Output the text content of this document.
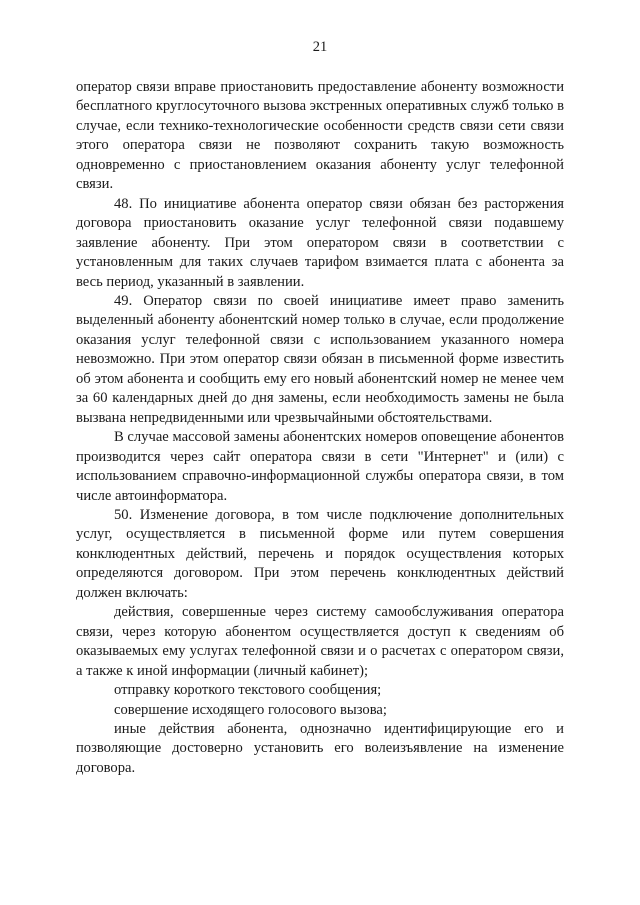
21

оператор связи вправе приостановить предоставление абоненту возможности бесплатного круглосуточного вызова экстренных оперативных служб только в случае, если технико-технологические особенности средств связи сети связи этого оператора связи не позволяют сохранить такую возможность одновременно с приостановлением оказания абоненту услуг телефонной связи.

48. По инициативе абонента оператор связи обязан без расторжения договора приостановить оказание услуг телефонной связи подавшему заявление абоненту. При этом оператором связи в соответствии с установленным для таких случаев тарифом взимается плата с абонента за весь период, указанный в заявлении.

49. Оператор связи по своей инициативе имеет право заменить выделенный абоненту абонентский номер только в случае, если продолжение оказания услуг телефонной связи с использованием указанного номера невозможно. При этом оператор связи обязан в письменной форме известить об этом абонента и сообщить ему его новый абонентский номер не менее чем за 60 календарных дней до дня замены, если необходимость замены не была вызвана непредвиденными или чрезвычайными обстоятельствами.

В случае массовой замены абонентских номеров оповещение абонентов производится через сайт оператора связи в сети "Интернет" и (или) с использованием справочно-информационной службы оператора связи, в том числе автоинформатора.

50. Изменение договора, в том числе подключение дополнительных услуг, осуществляется в письменной форме или путем совершения конклюдентных действий, перечень и порядок осуществления которых определяются договором. При этом перечень конклюдентных действий должен включать:

действия, совершенные через систему самообслуживания оператора связи, через которую абонентом осуществляется доступ к сведениям об оказываемых ему услугах телефонной связи и о расчетах с оператором связи, а также к иной информации (личный кабинет);

отправку короткого текстового сообщения;

совершение исходящего голосового вызова;

иные действия абонента, однозначно идентифицирующие его и позволяющие достоверно установить его волеизъявление на изменение договора.
